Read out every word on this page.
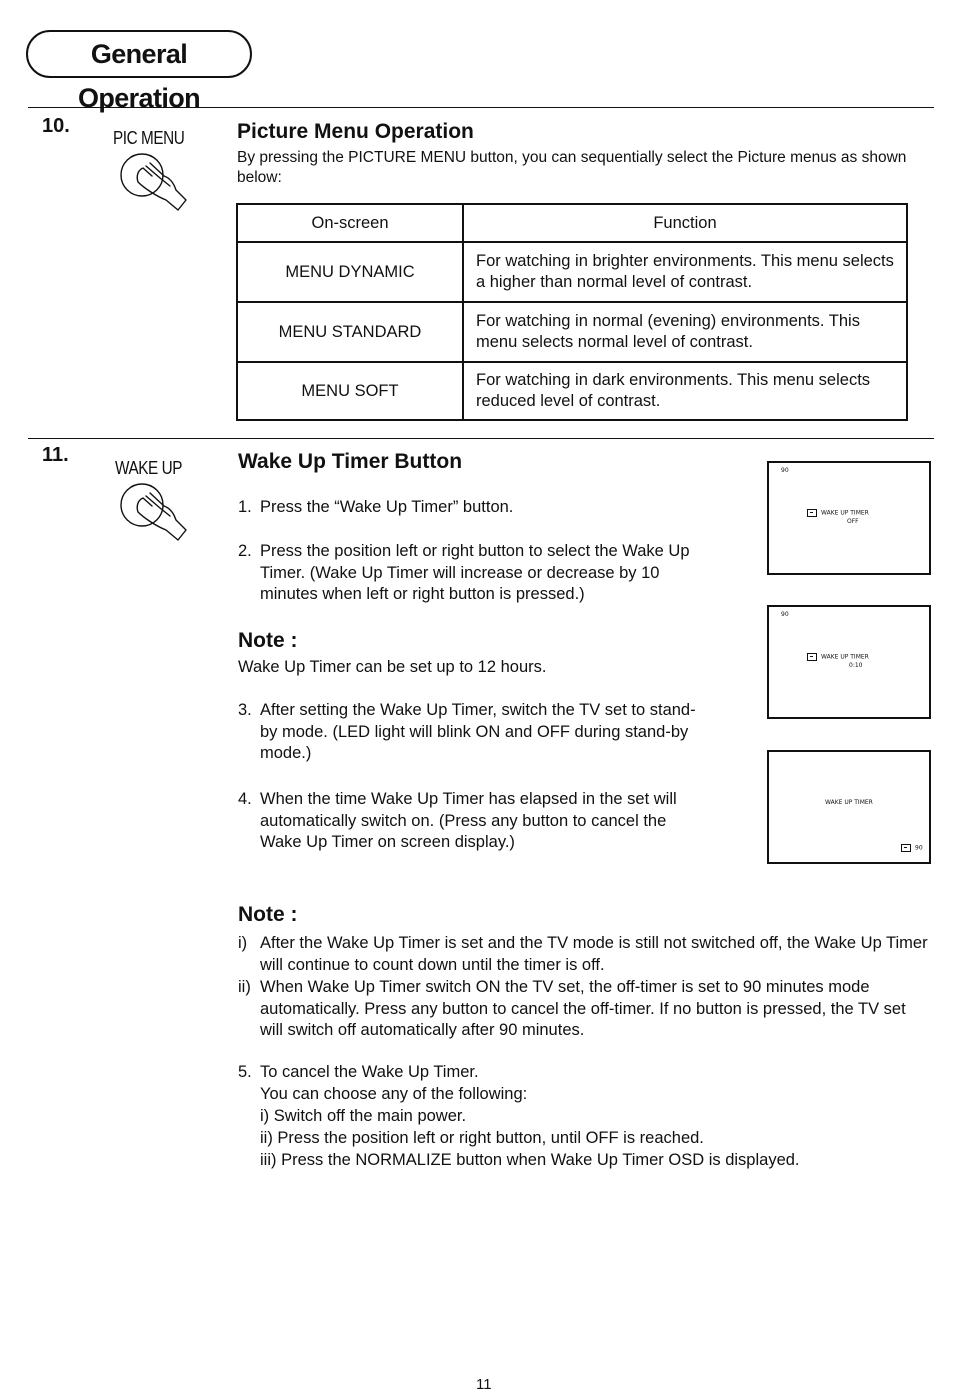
General Operation
10.
PIC MENU	Picture Menu Operation
By pressing the PICTURE MENU button, you can sequentially select the Picture menus as shown below:
On-screen	Function
MENU DYNAMIC	For watching in brighter environments. This menu selects a higher than normal level of contrast.
MENU STANDARD	For watching in normal (evening) environments. This menu selects normal level of contrast.
MENU SOFT	For watching in dark environments. This menu selects reduced level of contrast.
11.
WAKE UP	Wake Up Timer Button
1. Press the “Wake Up Timer” button.
2. Press the position left or right button to select the Wake Up Timer. (Wake Up Timer will increase or decrease by 10 minutes when left or right button is pressed.)
Note :
Wake Up Timer can be set up to 12 hours.
3. After setting the Wake Up Timer, switch the TV set to stand-by mode. (LED light will blink ON and OFF during stand-by mode.)
4. When the time Wake Up Timer has elapsed in the set will automatically switch on. (Press any button to cancel the Wake Up Timer on screen display.)
90
WAKE UP TIMER
OFF
90
WAKE UP TIMER
0:10
WAKE UP TIMER
90
Note :
i) After the Wake Up Timer is set and the TV mode is still not switched off, the Wake Up Timer will continue to count down until the timer is off.
ii) When Wake Up Timer switch ON the TV set, the off-timer is set to 90 minutes mode automatically. Press any button to cancel the off-timer. If no button is pressed, the TV set will switch off automatically after 90 minutes.
5. To cancel the Wake Up Timer.
You can choose any of the following:
i) Switch off the main power.
ii) Press the position left or right button, until OFF is reached.
iii) Press the NORMALIZE button when Wake Up Timer OSD is displayed.
11
